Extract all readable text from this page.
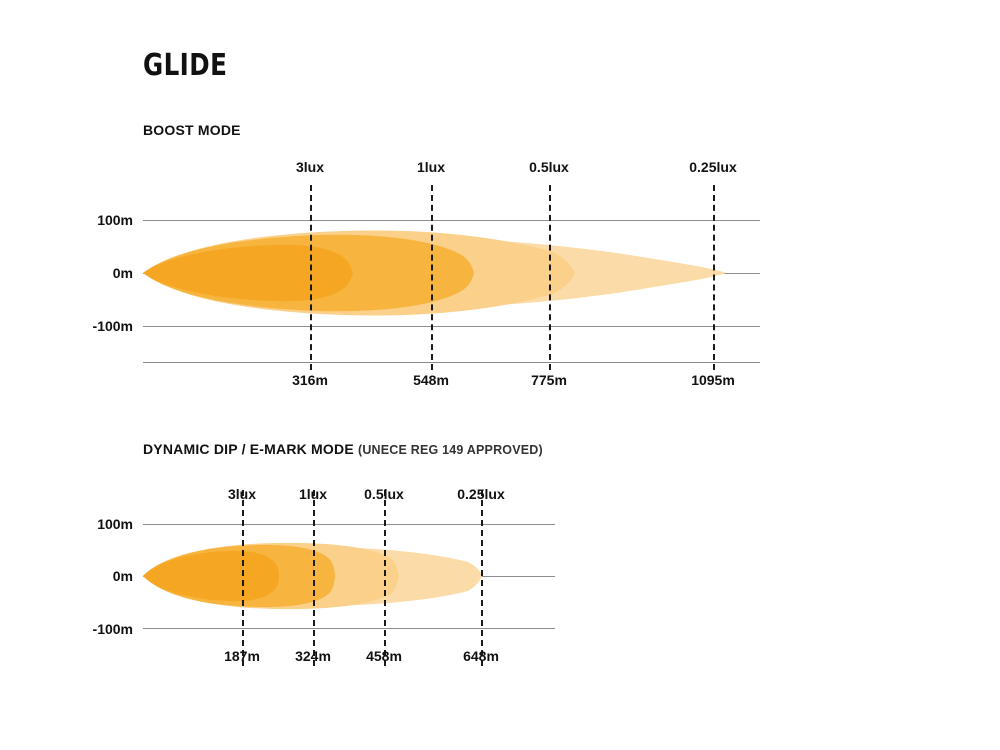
GLIDE
BOOST MODE
100m
0m
-100m
3lux	1lux	0.5lux	0.25lux
316m	548m	775m	1095m
DYNAMIC DIP / E-MARK MODE (UNECE REG 149 APPROVED)
100m
0m
-100m
3lux	1lux	0.5lux	0.25lux
187m	324m	458m	648m
